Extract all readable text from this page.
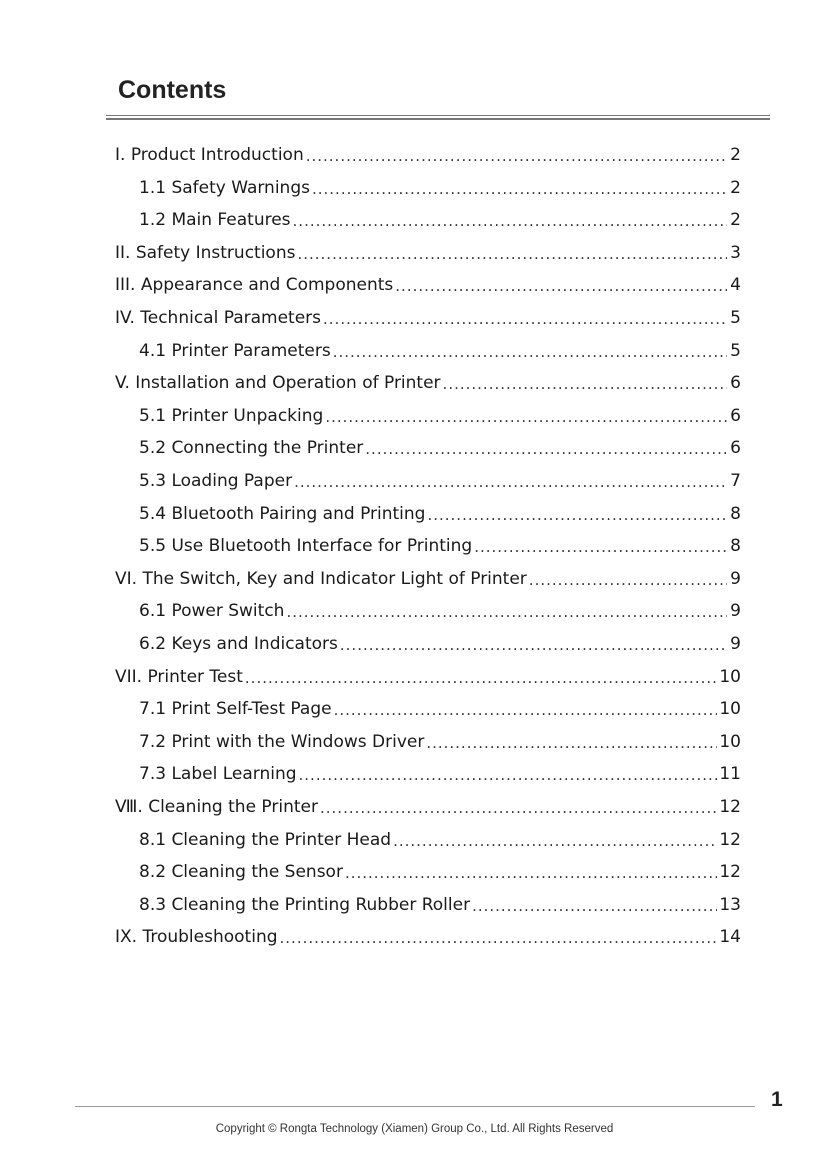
Contents
I. Product Introduction .....	2
1.1 Safety Warnings .....	2
1.2 Main Features .....	2
II. Safety Instructions .....	3
III. Appearance and Components .....	4
IV. Technical Parameters .....	5
4.1 Printer Parameters .....	5
V. Installation and Operation of Printer .....	6
5.1 Printer Unpacking .....	6
5.2 Connecting the Printer .....	6
5.3 Loading Paper .....	7
5.4 Bluetooth Pairing and Printing .....	8
5.5 Use Bluetooth Interface for Printing .....	8
VI. The Switch, Key and Indicator Light of Printer .....	9
6.1 Power Switch .....	9
6.2 Keys and Indicators .....	9
VII. Printer Test .....	10
7.1 Print Self-Test Page .....	10
7.2 Print with the Windows Driver .....	10
7.3 Label Learning .....	11
Ⅷ. Cleaning the Printer .....	12
8.1 Cleaning the Printer Head .....	12
8.2 Cleaning the Sensor .....	12
8.3 Cleaning the Printing Rubber Roller .....	13
IX. Troubleshooting .....	14
1
Copyright © Rongta Technology (Xiamen) Group Co., Ltd. All Rights Reserved
